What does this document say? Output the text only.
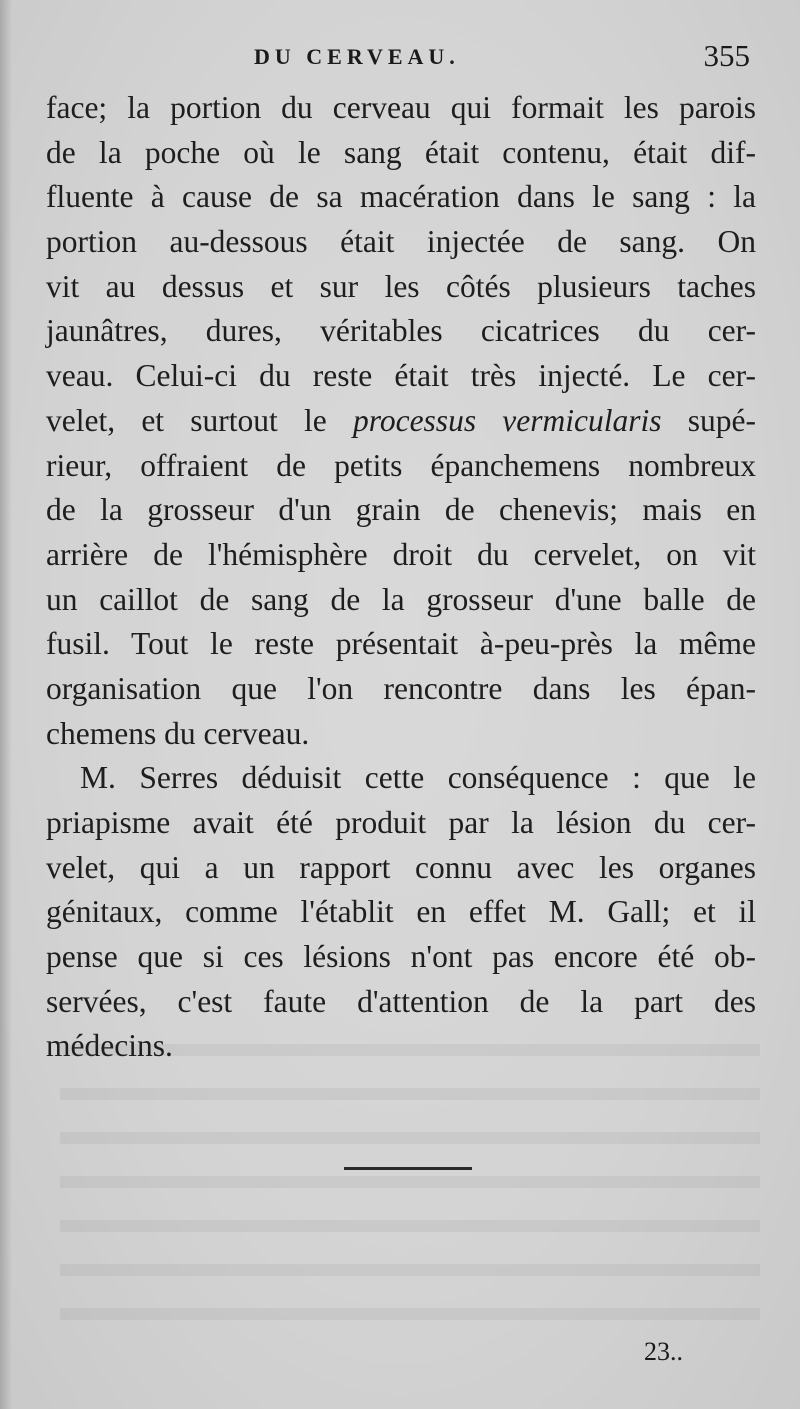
DU CERVEAU.	355
face; la portion du cerveau qui formait les parois
de la poche où le sang était contenu, était dif-
fluente à cause de sa macération dans le sang : la
portion au-dessous était injectée de sang. On
vit au dessus et sur les côtés plusieurs taches
jaunâtres, dures, véritables cicatrices du cer-
veau. Celui-ci du reste était très injecté. Le cer-
velet, et surtout le processus vermicularis supé-
rieur, offraient de petits épanchemens nombreux
de la grosseur d'un grain de chenevis; mais en
arrière de l'hémisphère droit du cervelet, on vit
un caillot de sang de la grosseur d'une balle de
fusil. Tout le reste présentait à-peu-près la même
organisation que l'on rencontre dans les épan-
chemens du cerveau.
M. Serres déduisit cette conséquence : que le
priapisme avait été produit par la lésion du cer-
velet, qui a un rapport connu avec les organes
génitaux, comme l'établit en effet M. Gall; et il
pense que si ces lésions n'ont pas encore été ob-
servées, c'est faute d'attention de la part des
médecins.
23..
